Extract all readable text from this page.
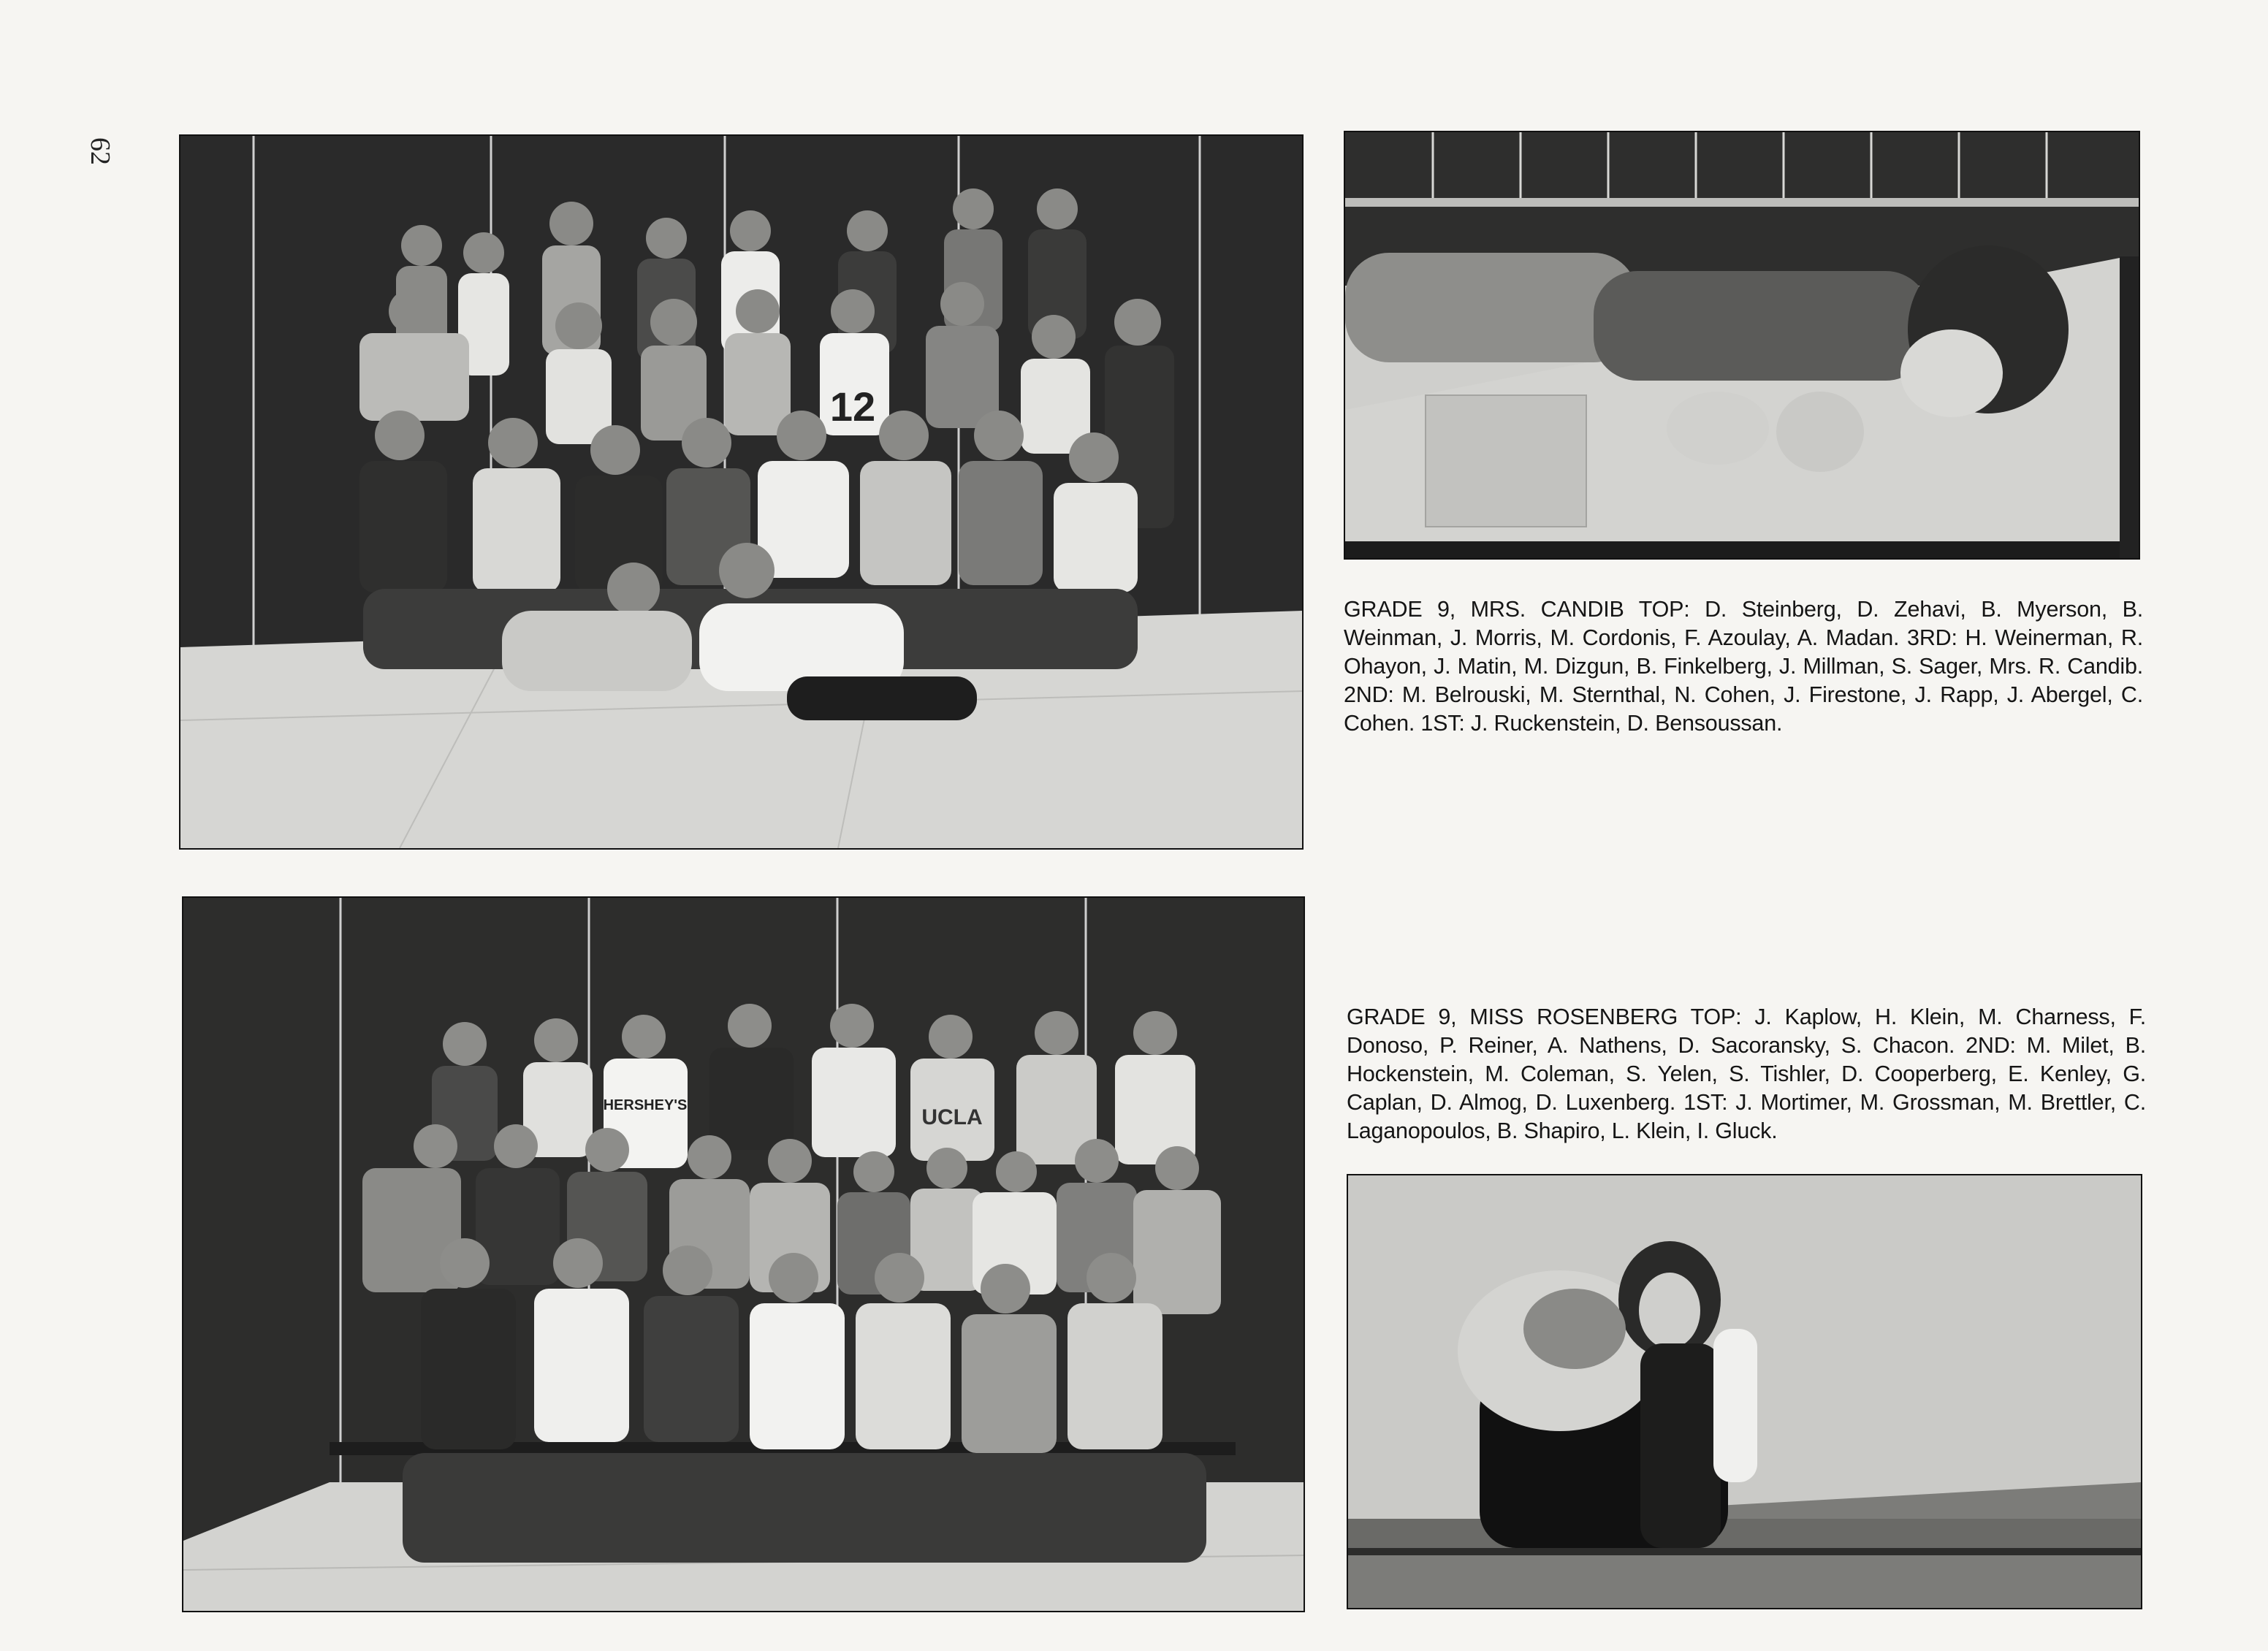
62
12

GRADE 9, MRS. CANDIB TOP: D. Steinberg, D. Zehavi, B. Myerson, B. Weinman, J. Morris, M. Cordonis, F. Azoulay, A. Madan. 3RD: H. Weinerman, R. Ohayon, J. Matin, M. Dizgun, B. Finkelberg, J. Millman, S. Sager, Mrs. R. Candib. 2ND: M. Belrouski, M. Sternthal, N. Cohen, J. Firestone, J. Rapp, J. Abergel, C. Cohen. 1ST: J. Ruckenstein, D. Bensoussan.

HERSHEY'S	UCLA

GRADE 9, MISS ROSENBERG TOP: J. Kaplow, H. Klein, M. Charness, F. Donoso, P. Reiner, A. Nathens, D. Sacoransky, S. Chacon. 2ND: M. Milet, B. Hockenstein, M. Coleman, S. Yelen, S. Tishler, D. Cooperberg, E. Kenley, G. Caplan, D. Almog, D. Luxenberg. 1ST: J. Mortimer, M. Grossman, M. Brettler, C. Laganopoulos, B. Shapiro, L. Klein, I. Gluck.
